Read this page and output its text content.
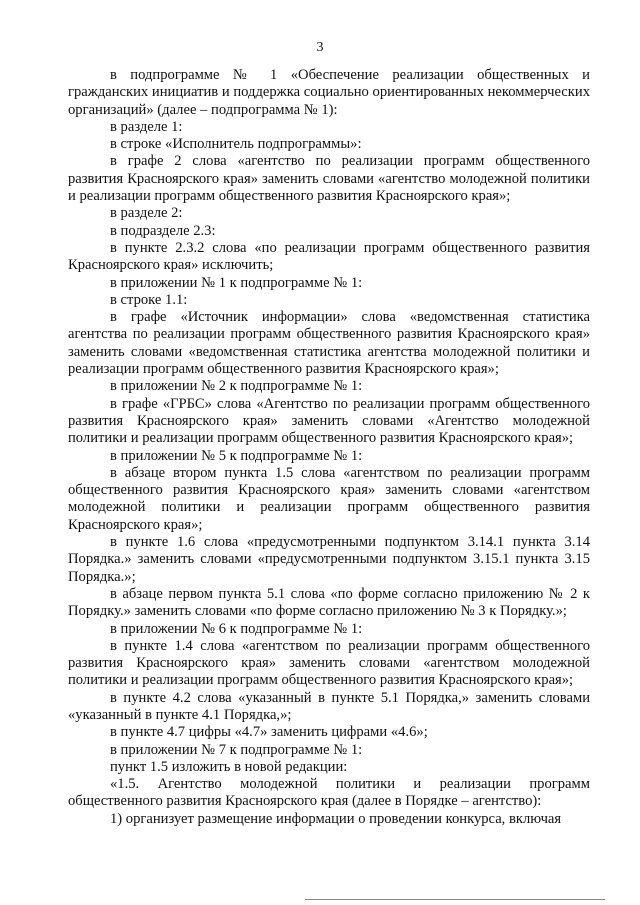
3

в подпрограмме № 1 «Обеспечение реализации общественных и гражданских инициатив и поддержка социально ориентированных некоммерческих организаций» (далее – подпрограмма № 1):

в разделе 1:

в строке «Исполнитель подпрограммы»:

в графе 2 слова «агентство по реализации программ общественного развития Красноярского края» заменить словами «агентство молодежной политики и реализации программ общественного развития Красноярского края»;

в разделе 2:

в подразделе 2.3:

в пункте 2.3.2 слова «по реализации программ общественного развития Красноярского края» исключить;

в приложении № 1 к подпрограмме № 1:

в строке 1.1:

в графе «Источник информации» слова «ведомственная статистика агентства по реализации программ общественного развития Красноярского края» заменить словами «ведомственная статистика агентства молодежной политики и реализации программ общественного развития Красноярского края»;

в приложении № 2 к подпрограмме № 1:

в графе «ГРБС» слова «Агентство по реализации программ общественного развития Красноярского края» заменить словами «Агентство молодежной политики и реализации программ общественного развития Красноярского края»;

в приложении № 5 к подпрограмме № 1:

в абзаце втором пункта 1.5 слова «агентством по реализации программ общественного развития Красноярского края» заменить словами «агентством молодежной политики и реализации программ общественного развития Красноярского края»;

в пункте 1.6 слова «предусмотренными подпунктом 3.14.1 пункта 3.14 Порядка.» заменить словами «предусмотренными подпунктом 3.15.1 пункта 3.15 Порядка.»;

в абзаце первом пункта 5.1 слова «по форме согласно приложению № 2 к Порядку.» заменить словами «по форме согласно приложению № 3 к Порядку.»;

в приложении № 6 к подпрограмме № 1:

в пункте 1.4 слова «агентством по реализации программ общественного развития Красноярского края» заменить словами «агентством молодежной политики и реализации программ общественного развития Красноярского края»;

в пункте 4.2 слова «указанный в пункте 5.1 Порядка,» заменить словами «указанный в пункте 4.1 Порядка,»;

в пункте 4.7 цифры «4.7» заменить цифрами «4.6»;

в приложении № 7 к подпрограмме № 1:

пункт 1.5 изложить в новой редакции:

«1.5. Агентство молодежной политики и реализации программ общественного развития Красноярского края (далее в Порядке – агентство):

1) организует размещение информации о проведении конкурса, включая
